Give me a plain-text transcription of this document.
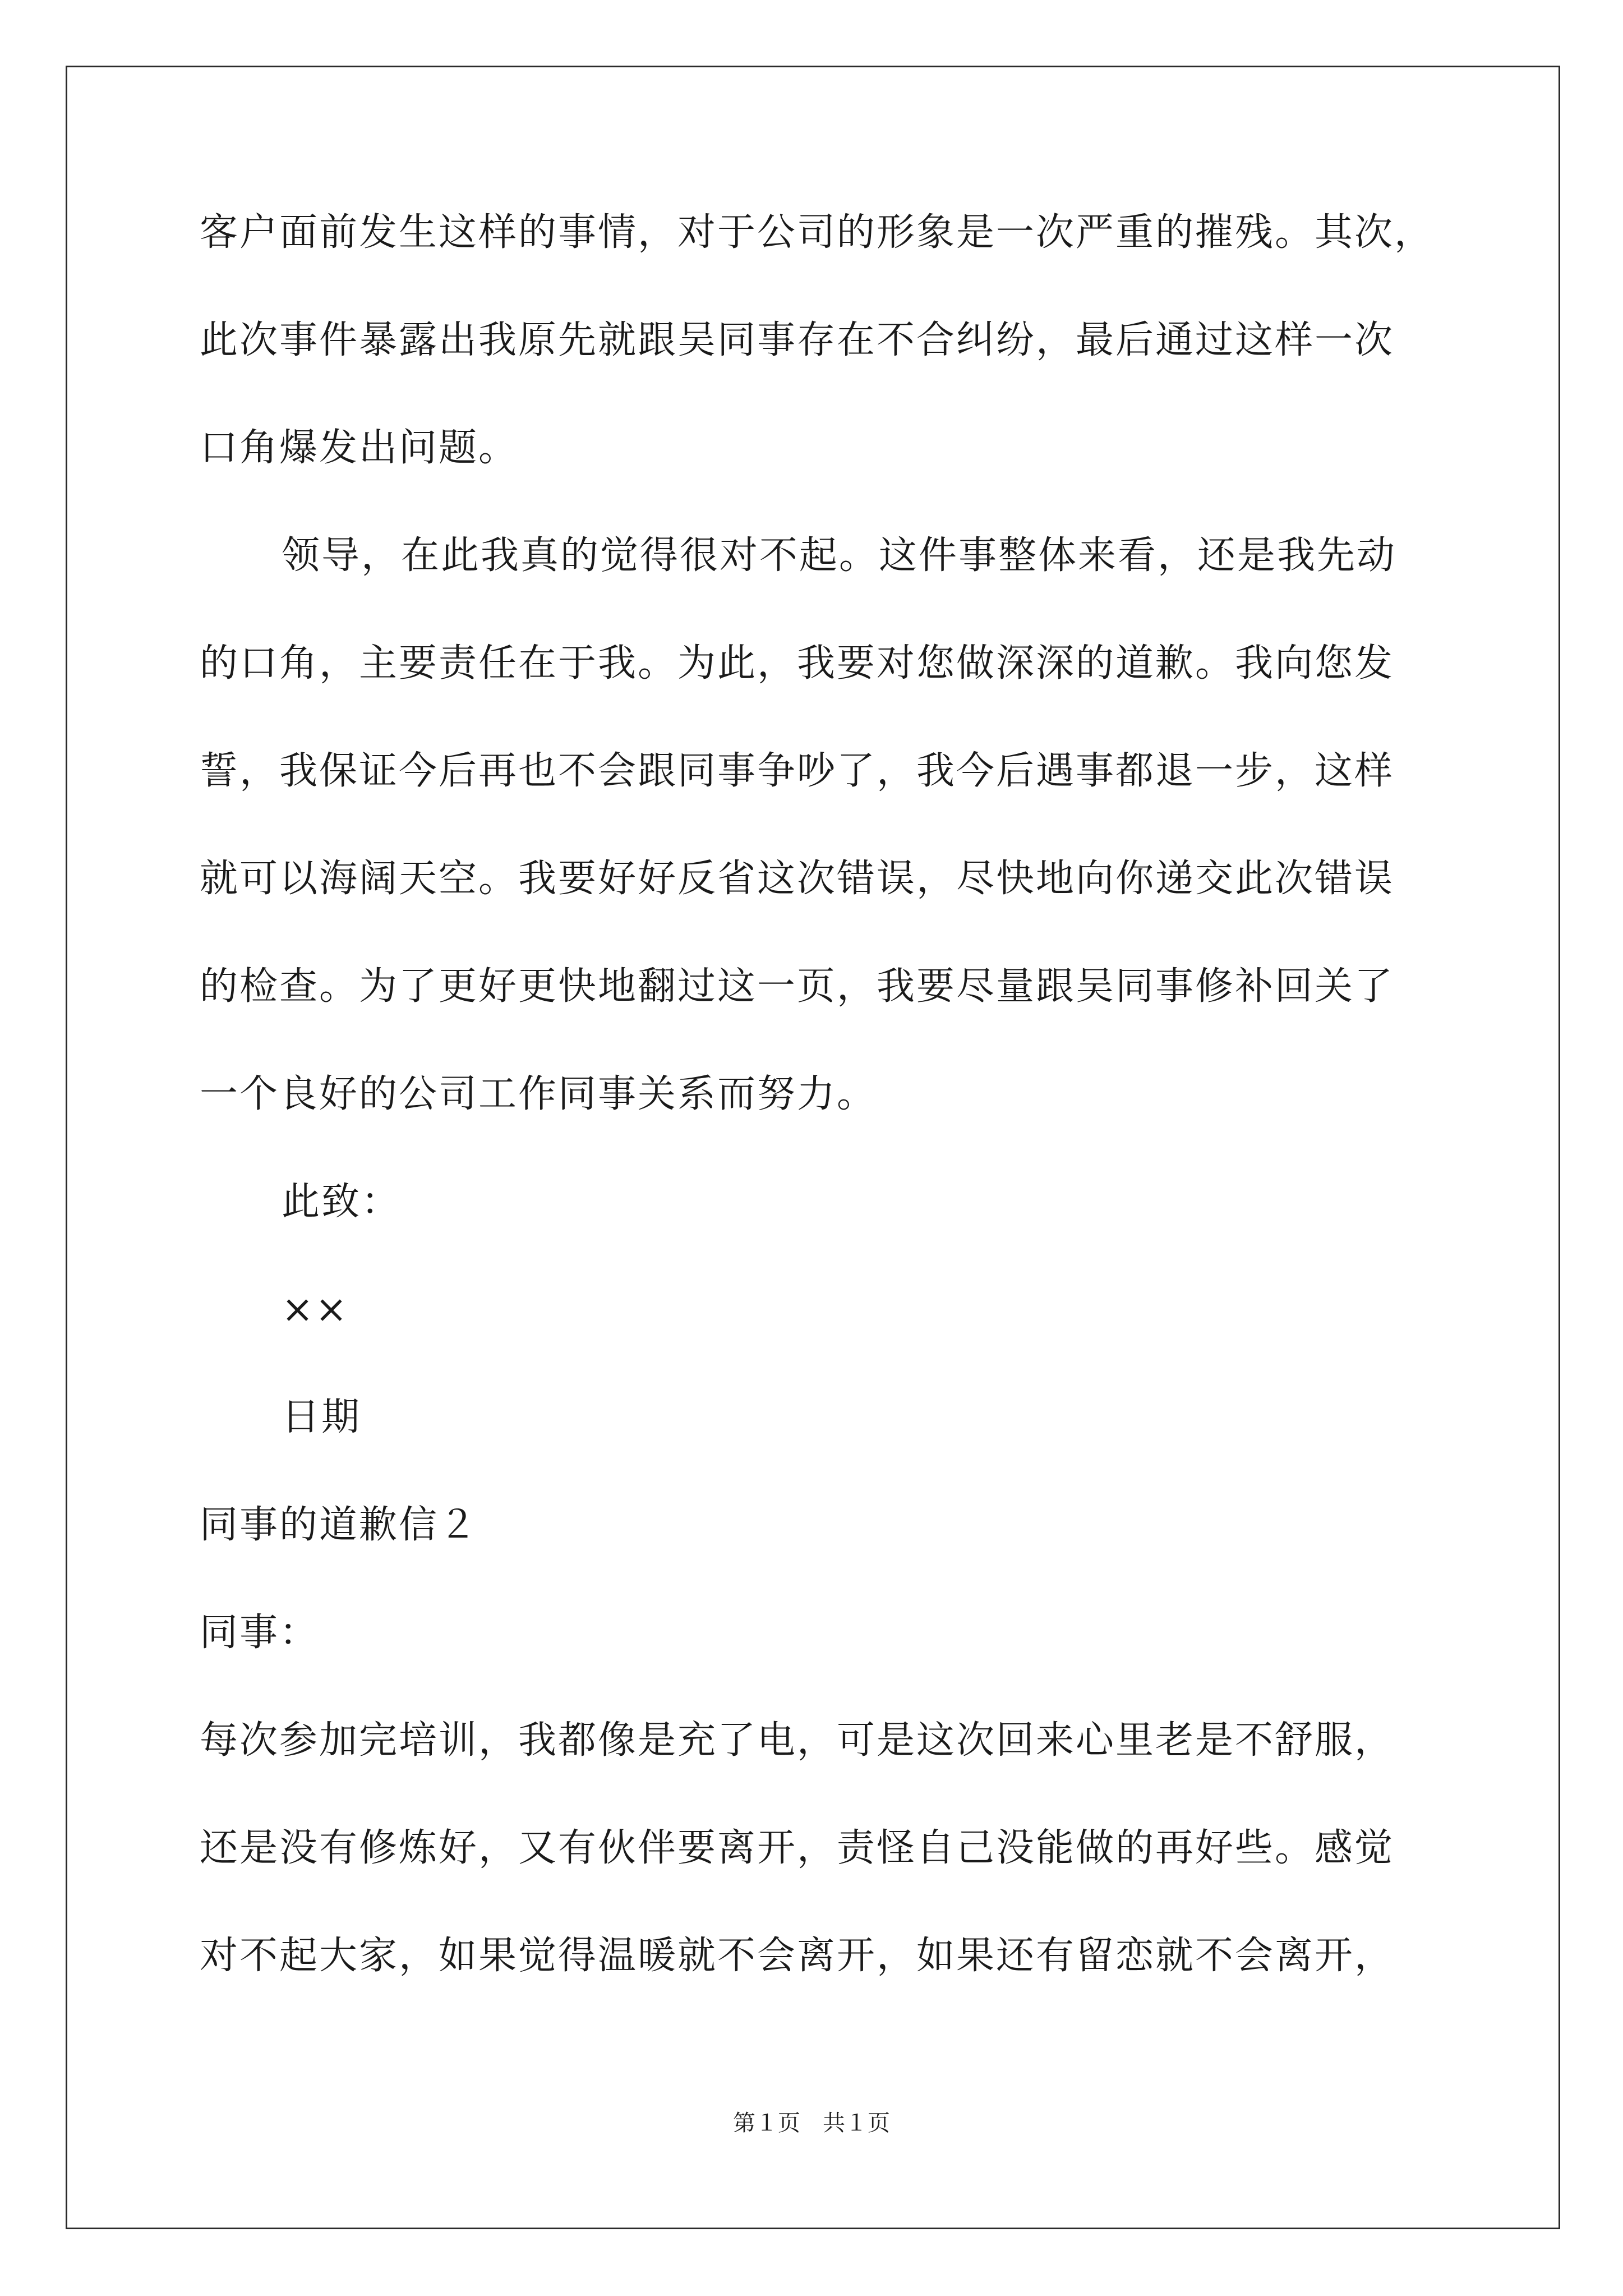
客户面前发生这样的事情，对于公司的形象是一次严重的摧残。其次，
此次事件暴露出我原先就跟吴同事存在不合纠纷，最后通过这样一次
口角爆发出问题。
领导，在此我真的觉得很对不起。这件事整体来看，还是我先动
的口角，主要责任在于我。为此，我要对您做深深的道歉。我向您发
誓，我保证今后再也不会跟同事争吵了，我今后遇事都退一步，这样
就可以海阔天空。我要好好反省这次错误，尽快地向你递交此次错误
的检查。为了更好更快地翻过这一页，我要尽量跟吴同事修补回关了
一个良好的公司工作同事关系而努力。
此致：
××
日期
同事的道歉信２
同事：
每次参加完培训，我都像是充了电，可是这次回来心里老是不舒服，
还是没有修炼好，又有伙伴要离开，责怪自己没能做的再好些。感觉
对不起大家，如果觉得温暖就不会离开，如果还有留恋就不会离开，
第１页　共１页
